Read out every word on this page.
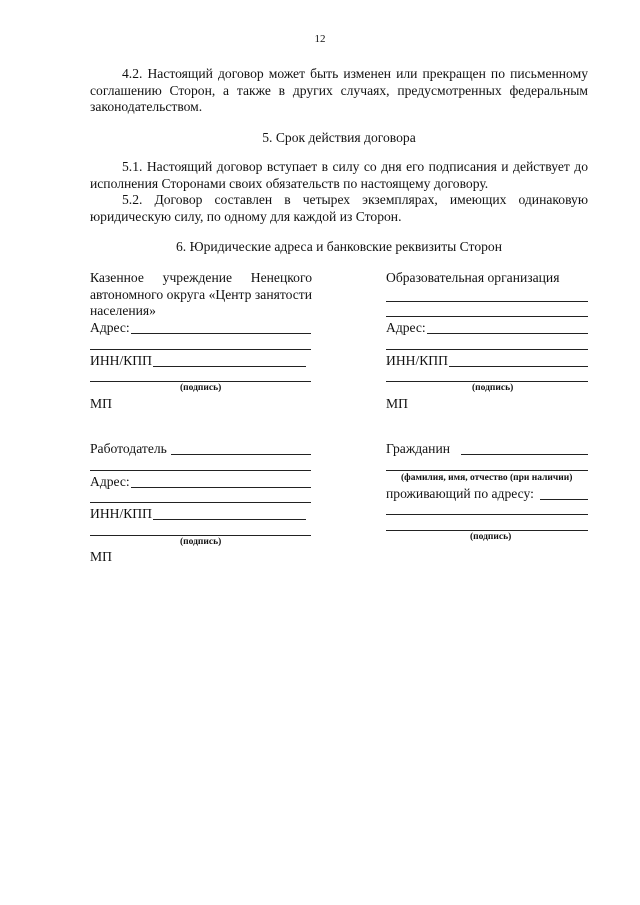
12
4.2. Настоящий договор может быть изменен или прекращен по письменному соглашению Сторон, а также в других случаях, предусмотренных федеральным законодательством.
5. Срок действия договора
5.1. Настоящий договор вступает в силу со дня его подписания и действует до исполнения Сторонами своих обязательств по настоящему договору.
5.2. Договор составлен в четырех экземплярах, имеющих одинаковую юридическую силу, по одному для каждой из Сторон.
6. Юридические адреса и банковские реквизиты Сторон
Казенное учреждение Ненецкого автономного округа «Центр занятости населения»
Адрес:
ИНН/КПП
(подпись)
МП
Образовательная организация
Адрес:
ИНН/КПП
(подпись)
МП
Работодатель
Адрес:
ИНН/КПП
(подпись)
МП
Гражданин
(фамилия, имя, отчество (при наличии)
проживающий по адресу:
(подпись)
